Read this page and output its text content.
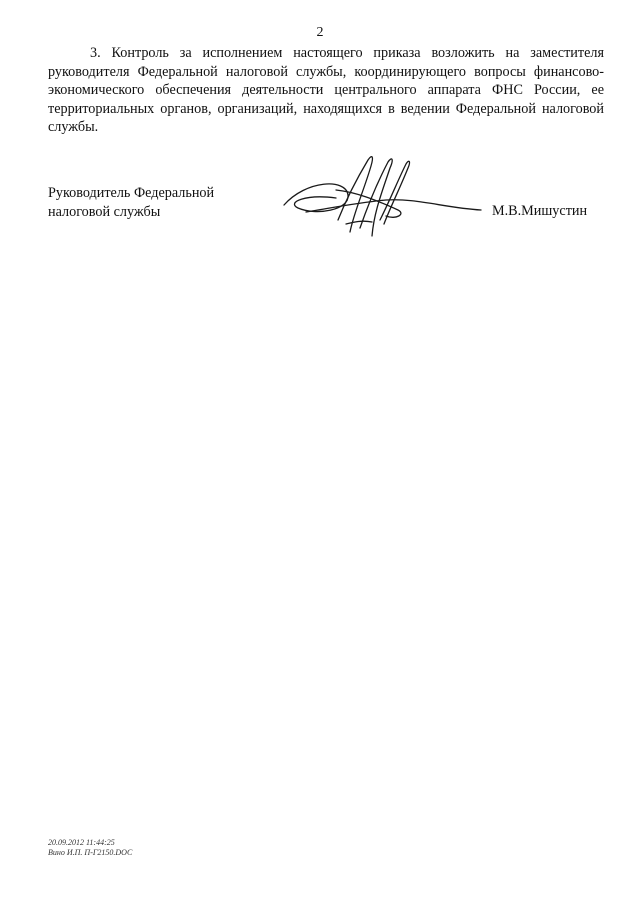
2

3. Контроль за исполнением настоящего приказа возложить на заместителя руководителя Федеральной налоговой службы, координирующего вопросы финансово-экономического обеспечения деятельности центрального аппарата ФНС России, ее территориальных органов, организаций, находящихся в ведении Федеральной налоговой службы.

Руководитель Федеральной
налоговой службы	М.В.Мишустин
20.09.2012 11:44:25
Вино И.П. П-Г2150.DOC
